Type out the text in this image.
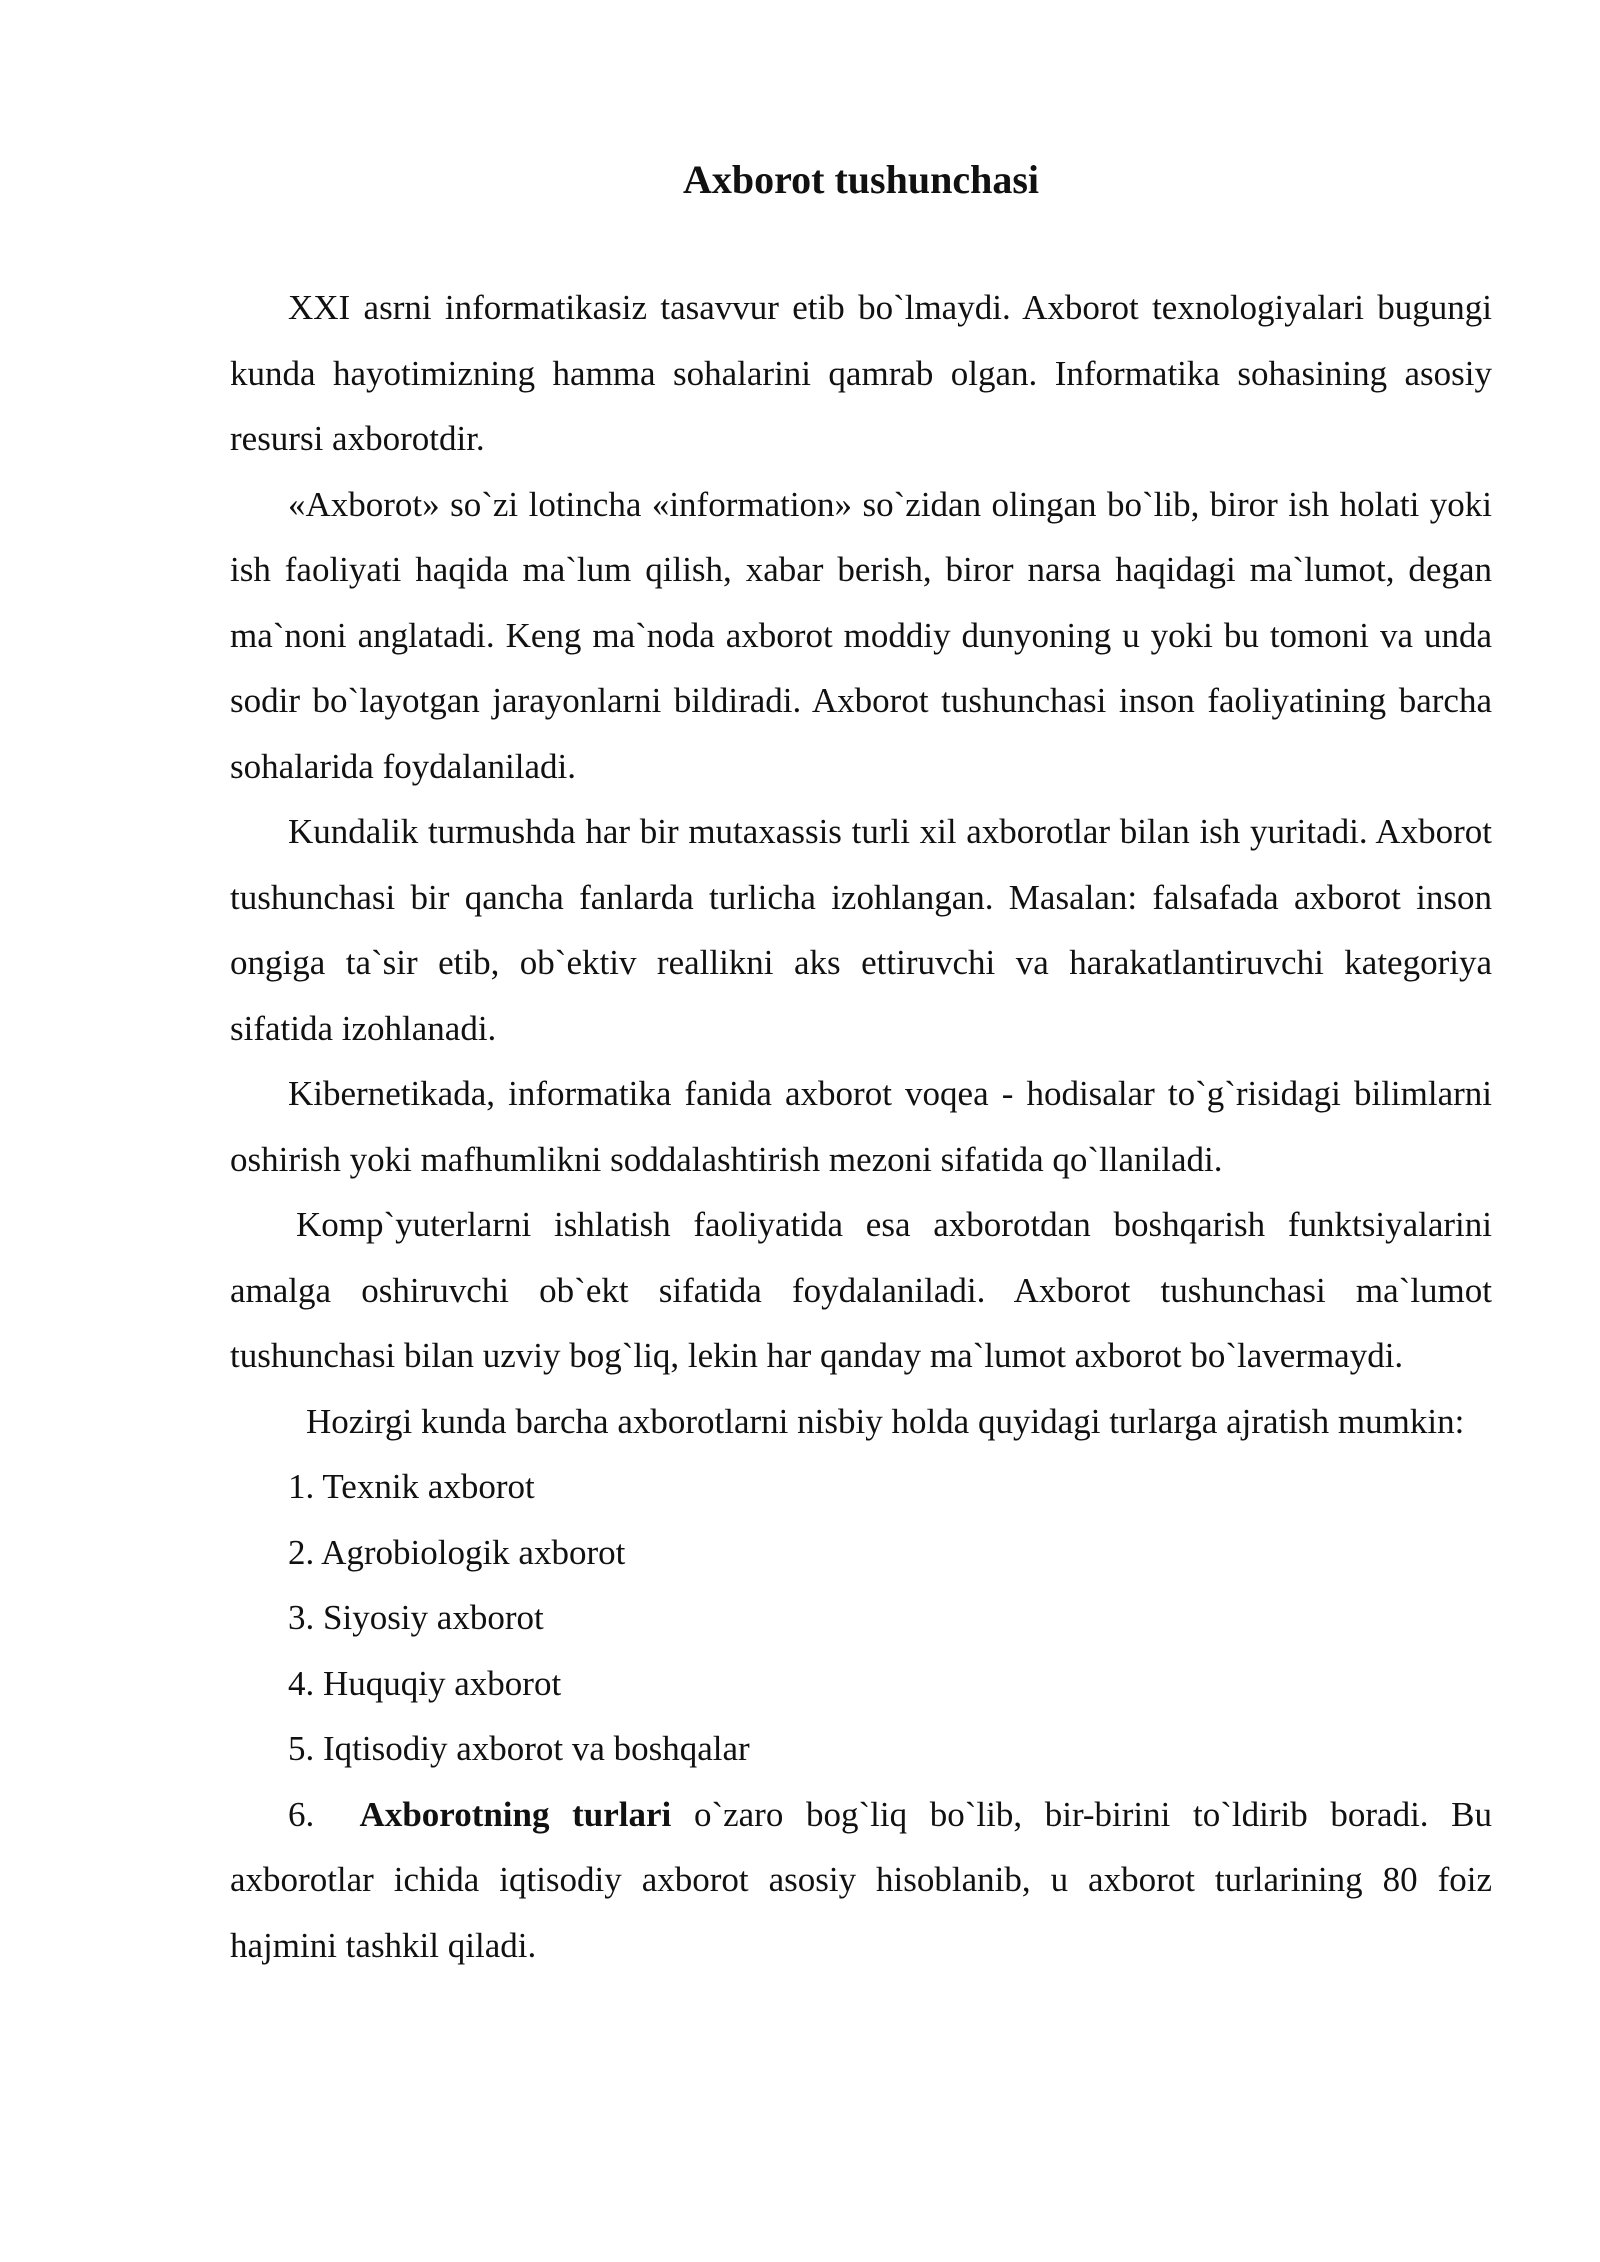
Axborot tushunchasi

XXI asrni informatikasiz tasavvur etib bo`lmaydi. Axborot texnologiyalari bugungi kunda hayotimizning hamma sohalarini qamrab olgan. Informatika sohasining asosiy resursi axborotdir.

«Axborot» so`zi lotincha «information» so`zidan olingan bo`lib, biror ish holati yoki ish faoliyati haqida ma`lum qilish, xabar berish, biror narsa haqidagi ma`lumot, degan ma`noni anglatadi. Keng ma`noda axborot moddiy dunyoning u yoki bu tomoni va unda sodir bo`layotgan jarayonlarni bildiradi. Axborot tushunchasi inson faoliyatining barcha sohalarida foydalaniladi.

Kundalik turmushda har bir mutaxassis turli xil axborotlar bilan ish yuritadi. Axborot tushunchasi bir qancha fanlarda turlicha izohlangan. Masalan: falsafada axborot inson ongiga ta`sir etib, ob`ektiv reallikni aks ettiruvchi va harakatlantiruvchi kategoriya sifatida izohlanadi.

Kibernetikada, informatika fanida axborot voqea - hodisalar to`g`risidagi bilimlarni oshirish yoki mafhumlikni soddalashtirish mezoni sifatida qo`llaniladi.

Komp`yuterlarni ishlatish faoliyatida esa axborotdan boshqarish funktsiyalarini amalga oshiruvchi ob`ekt sifatida foydalaniladi. Axborot tushunchasi ma`lumot tushunchasi bilan uzviy bog`liq, lekin har qanday ma`lumot axborot bo`lavermaydi.

Hozirgi kunda barcha axborotlarni nisbiy holda quyidagi turlarga ajratish mumkin:

1. Texnik axborot

2. Agrobiologik axborot

3. Siyosiy axborot

4. Huquqiy axborot

5. Iqtisodiy axborot va boshqalar

6. Axborotning turlari o`zaro bog`liq bo`lib, bir-birini to`ldirib boradi. Bu axborotlar ichida iqtisodiy axborot asosiy hisoblanib, u axborot turlarining 80 foiz hajmini tashkil qiladi.
